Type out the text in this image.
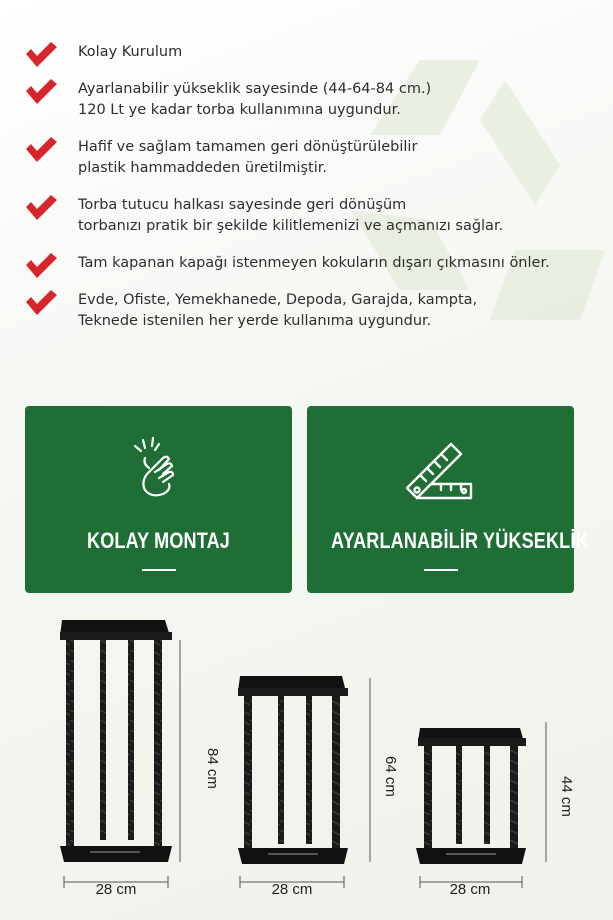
Kolay Kurulum
Ayarlanabilir yükseklik sayesinde (44-64-84 cm.)
120 Lt ye kadar torba kullanımına uygundur.
Hafif ve sağlam tamamen geri dönüştürülebilir
plastik hammaddeden üretilmiştir.
Torba tutucu halkası sayesinde geri dönüşüm
torbanızı pratik bir şekilde kilitlemenizi ve açmanızı sağlar.
Tam kapanan kapağı istenmeyen kokuların dışarı çıkmasını önler.
Evde, Ofiste, Yemekhanede, Depoda, Garajda, kampta,
Teknede istenilen her yerde kullanıma uygundur.
KOLAY MONTAJ	AYARLANABİLİR YÜKSEKLİK
84 cm
28 cm
64 cm
28 cm
44 cm
28 cm
